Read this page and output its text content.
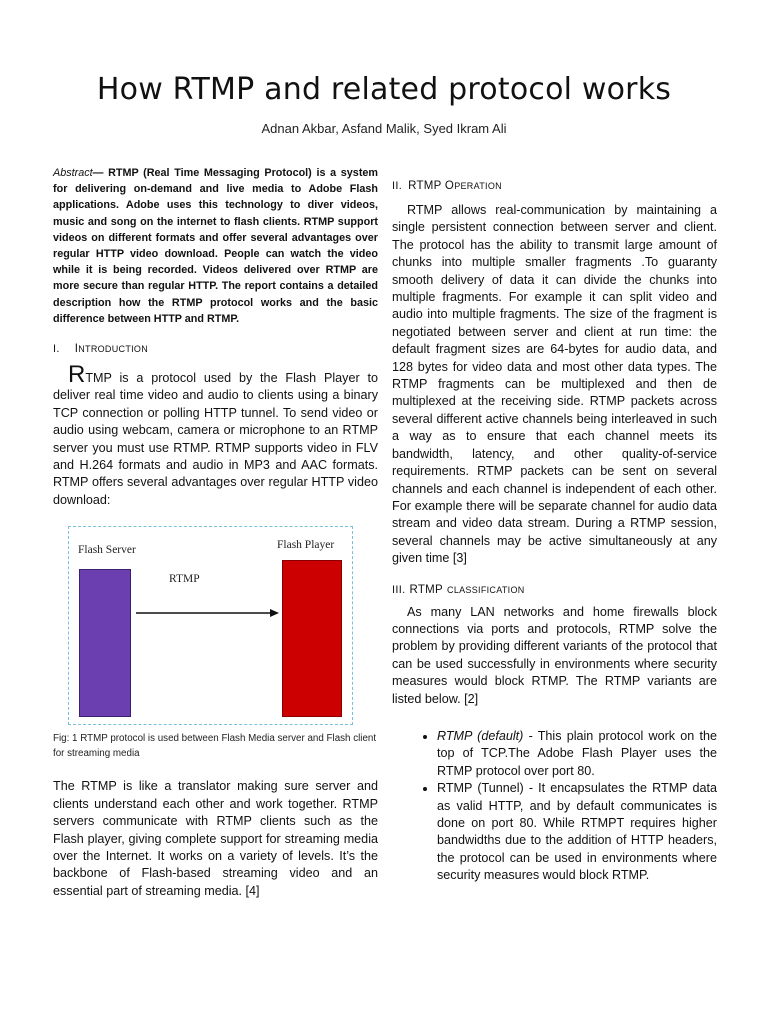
How RTMP and related protocol works
Adnan Akbar, Asfand Malik, Syed Ikram Ali

Abstract— RTMP (Real Time Messaging Protocol) is a system for delivering on-demand and live media to Adobe Flash applications. Adobe uses this technology to diver videos, music and song on the internet to flash clients. RTMP support videos on different formats and offer several advantages over regular HTTP video download. People can watch the video while it is being recorded. Videos delivered over RTMP are more secure than regular HTTP. The report contains a detailed description how the RTMP protocol works and the basic difference between HTTP and RTMP.

I. INTRODUCTION

RTMP is a protocol used by the Flash Player to deliver real time video and audio to clients using a binary TCP connection or polling HTTP tunnel. To send video or audio using webcam, camera or microphone to an RTMP server you must use RTMP. RTMP supports video in FLV and H.264 formats and audio in MP3 and AAC formats. RTMP offers several advantages over regular HTTP video download:

Flash Server	Flash Player
RTMP

Fig: 1 RTMP protocol is used between Flash Media server and Flash client for streaming media

The RTMP is like a translator making sure server and clients understand each other and work together. RTMP servers communicate with RTMP clients such as the Flash player, giving complete support for streaming media over the Internet. It works on a variety of levels. It’s the backbone of Flash-based streaming video and an essential part of streaming media. [4]

II. RTMP OPERATION

RTMP allows real-communication by maintaining a single persistent connection between server and client. The protocol has the ability to transmit large amount of chunks into multiple smaller fragments .To guaranty smooth delivery of data it can divide the chunks into multiple fragments. For example it can split video and audio into multiple fragments. The size of the fragment is negotiated between server and client at run time: the default fragment sizes are 64-bytes for audio data, and 128 bytes for video data and most other data types. The RTMP fragments can be multiplexed and then de multiplexed at the receiving side. RTMP packets across several different active channels being interleaved in such a way as to ensure that each channel meets its bandwidth, latency, and other quality-of-service requirements. RTMP packets can be sent on several channels and each channel is independent of each other. For example there will be separate channel for audio data stream and video data stream. During a RTMP session, several channels may be active simultaneously at any given time [3]

III. RTMP CLASSIFICATION

As many LAN networks and home firewalls block connections via ports and protocols, RTMP solve the problem by providing different variants of the protocol that can be used successfully in environments where security measures would block RTMP. The RTMP variants are listed below. [2]

• RTMP (default) - This plain protocol work on the top of TCP.The Adobe Flash Player uses the RTMP protocol over port 80.
• RTMP (Tunnel) - It encapsulates the RTMP data as valid HTTP, and by default communicates is done on port 80. While RTMPT requires higher bandwidths due to the addition of HTTP headers, the protocol can be used in environments where security measures would block RTMP.
